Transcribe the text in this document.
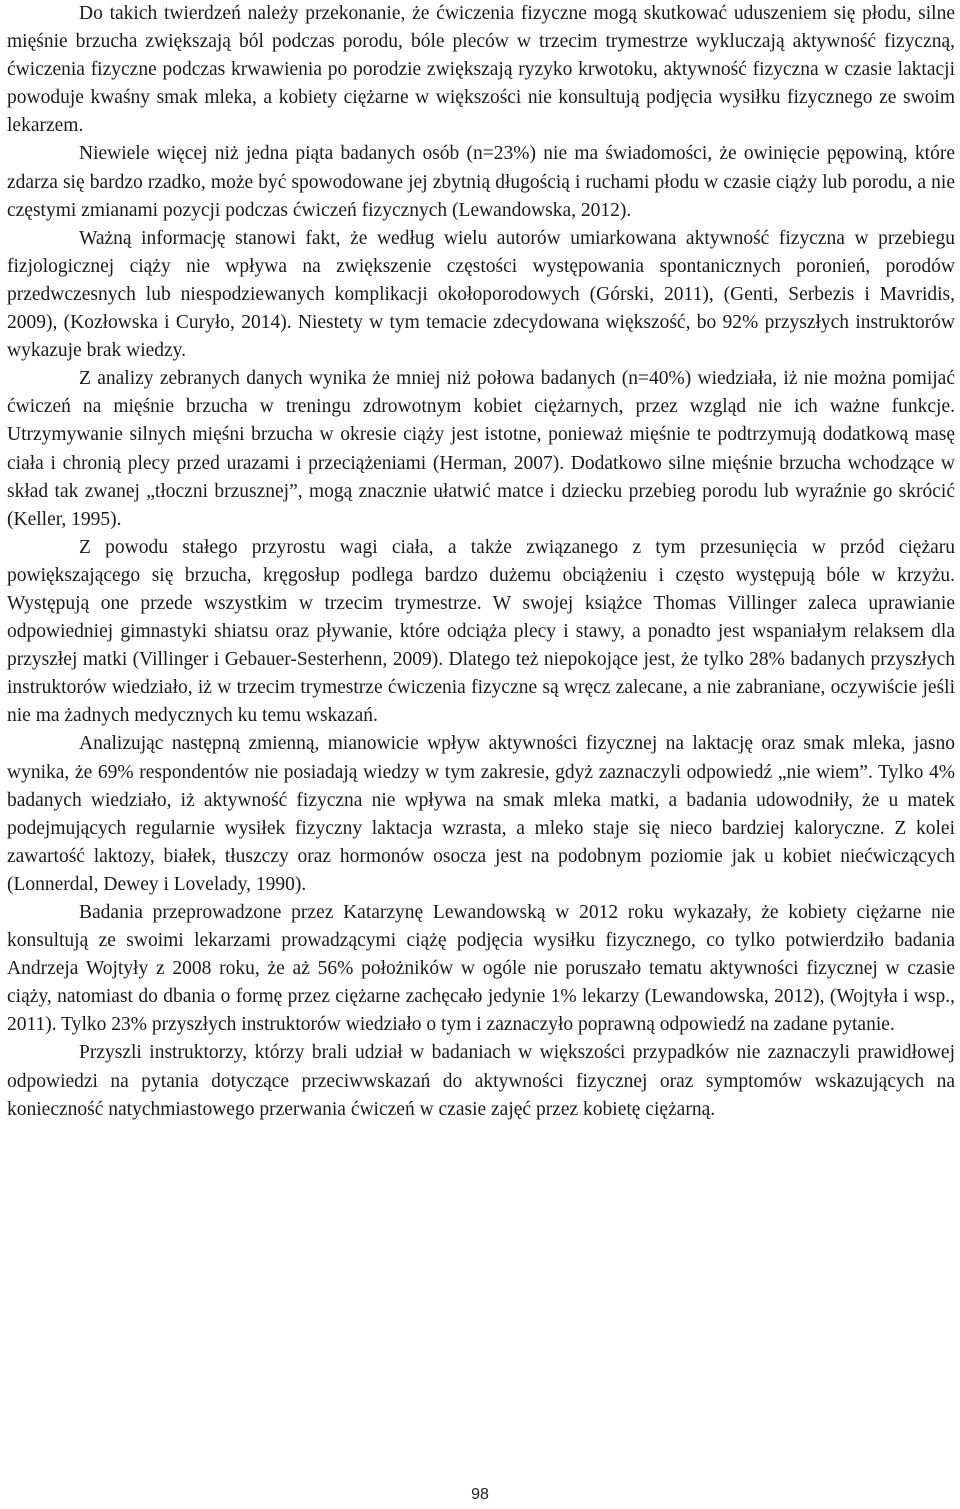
Do takich twierdzeń należy przekonanie, że ćwiczenia fizyczne mogą skutkować uduszeniem się płodu, silne mięśnie brzucha zwiększają ból podczas porodu, bóle pleców w trzecim trymestrze wykluczają aktywność fizyczną, ćwiczenia fizyczne podczas krwawienia po porodzie zwiększają ryzyko krwotoku, aktywność fizyczna w czasie laktacji powoduje kwaśny smak mleka, a kobiety ciężarne w większości nie konsultują podjęcia wysiłku fizycznego ze swoim lekarzem.

Niewiele więcej niż jedna piąta badanych osób (n=23%) nie ma świadomości, że owinięcie pępowiną, które zdarza się bardzo rzadko, może być spowodowane jej zbytnią długością i ruchami płodu w czasie ciąży lub porodu, a nie częstymi zmianami pozycji podczas ćwiczeń fizycznych (Lewandowska, 2012).

Ważną informację stanowi fakt, że według wielu autorów umiarkowana aktywność fizyczna w przebiegu fizjologicznej ciąży nie wpływa na zwiększenie częstości występowania spontanicznych poronień, porodów przedwczesnych lub niespodziewanych komplikacji okołoporodowych (Górski, 2011), (Genti, Serbezis i Mavridis, 2009), (Kozłowska i Curyło, 2014). Niestety w tym temacie zdecydowana większość, bo 92% przyszłych instruktorów wykazuje brak wiedzy.

Z analizy zebranych danych wynika że mniej niż połowa badanych (n=40%) wiedziała, iż nie można pomijać ćwiczeń na mięśnie brzucha w treningu zdrowotnym kobiet ciężarnych, przez wzgląd nie ich ważne funkcje. Utrzymywanie silnych mięśni brzucha w okresie ciąży jest istotne, ponieważ mięśnie te podtrzymują dodatkową masę ciała i chronią plecy przed urazami i przeciążeniami (Herman, 2007). Dodatkowo silne mięśnie brzucha wchodzące w skład tak zwanej „tłoczni brzusznej”, mogą znacznie ułatwić matce i dziecku przebieg porodu lub wyraźnie go skrócić (Keller, 1995).

Z powodu stałego przyrostu wagi ciała, a także związanego z tym przesunięcia w przód ciężaru powiększającego się brzucha, kręgosłup podlega bardzo dużemu obciążeniu i często występują bóle w krzyżu. Występują one przede wszystkim w trzecim trymestrze. W swojej książce Thomas Villinger zaleca uprawianie odpowiedniej gimnastyki shiatsu oraz pływanie, które odciąża plecy i stawy, a ponadto jest wspaniałym relaksem dla przyszłej matki (Villinger i Gebauer-Sesterhenn, 2009). Dlatego też niepokojące jest, że tylko 28% badanych przyszłych instruktorów wiedziało, iż w trzecim trymestrze ćwiczenia fizyczne są wręcz zalecane, a nie zabraniane, oczywiście jeśli nie ma żadnych medycznych ku temu wskazań.

Analizując następną zmienną, mianowicie wpływ aktywności fizycznej na laktację oraz smak mleka, jasno wynika, że 69% respondentów nie posiadają wiedzy w tym zakresie, gdyż zaznaczyli odpowiedź „nie wiem”. Tylko 4% badanych wiedziało, iż aktywność fizyczna nie wpływa na smak mleka matki, a badania udowodniły, że u matek podejmujących regularnie wysiłek fizyczny laktacja wzrasta, a mleko staje się nieco bardziej kaloryczne. Z kolei zawartość laktozy, białek, tłuszczy oraz hormonów osocza jest na podobnym poziomie jak u kobiet niećwiczących (Lonnerdal, Dewey i Lovelady, 1990).

Badania przeprowadzone przez Katarzynę Lewandowską w 2012 roku wykazały, że kobiety ciężarne nie konsultują ze swoimi lekarzami prowadzącymi ciążę podjęcia wysiłku fizycznego, co tylko potwierdziło badania Andrzeja Wojtyły z 2008 roku, że aż 56% położników w ogóle nie poruszało tematu aktywności fizycznej w czasie ciąży, natomiast do dbania o formę przez ciężarne zachęcało jedynie 1% lekarzy (Lewandowska, 2012), (Wojtyła i wsp., 2011). Tylko 23% przyszłych instruktorów wiedziało o tym i zaznaczyło poprawną odpowiedź na zadane pytanie.

Przyszli instruktorzy, którzy brali udział w badaniach w większości przypadków nie zaznaczyli prawidłowej odpowiedzi na pytania dotyczące przeciwwskazań do aktywności fizycznej oraz symptomów wskazujących na konieczność natychmiastowego przerwania ćwiczeń w czasie zajęć przez kobietę ciężarną.

98
